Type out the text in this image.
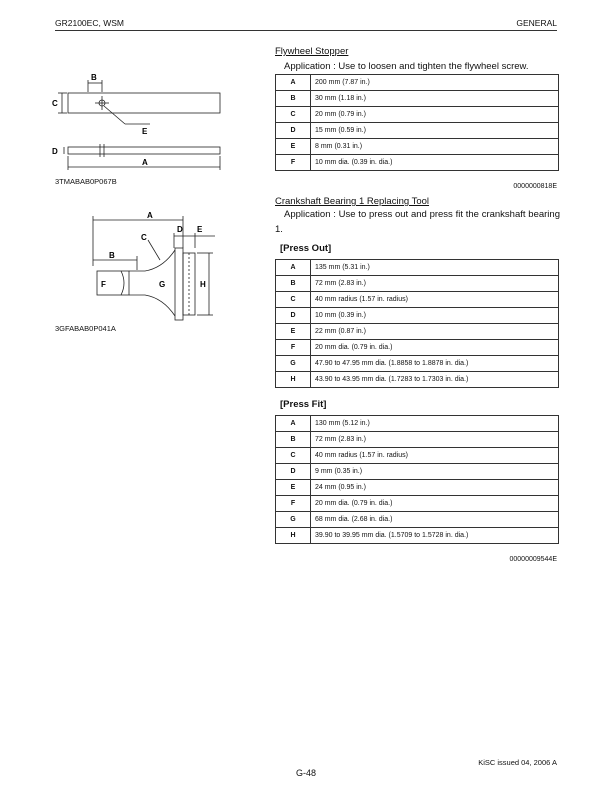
GR2100EC, WSM	GENERAL
B
C
E
D
A
3TMABAB0P067B
Flywheel Stopper
Application : Use to loosen and tighten the flywheel screw.
A	200 mm (7.87 in.)
B	30 mm (1.18 in.)
C	20 mm (0.79 in.)
D	15 mm (0.59 in.)
E	8 mm (0.31 in.)
F	10 mm dia. (0.39 in. dia.)
0000000818E
A
C
D E
B
F	G	H
3GFABAB0P041A
Crankshaft Bearing 1 Replacing Tool
Application : Use to press out and press fit the crankshaft bearing 1.
[Press Out]
A	135 mm (5.31 in.)
B	72 mm (2.83 in.)
C	40 mm radius (1.57 in. radius)
D	10 mm (0.39 in.)
E	22 mm (0.87 in.)
F	20 mm dia. (0.79 in. dia.)
G	47.90 to 47.95 mm dia. (1.8858 to 1.8878 in. dia.)
H	43.90 to 43.95 mm dia. (1.7283 to 1.7303 in. dia.)
[Press Fit]
A	130 mm (5.12 in.)
B	72 mm (2.83 in.)
C	40 mm radius (1.57 in. radius)
D	9 mm (0.35 in.)
E	24 mm (0.95 in.)
F	20 mm dia. (0.79 in. dia.)
G	68 mm dia. (2.68 in. dia.)
H	39.90 to 39.95 mm dia. (1.5709 to 1.5728 in. dia.)
00000009544E
KiSC issued 04, 2006 A
G-48
